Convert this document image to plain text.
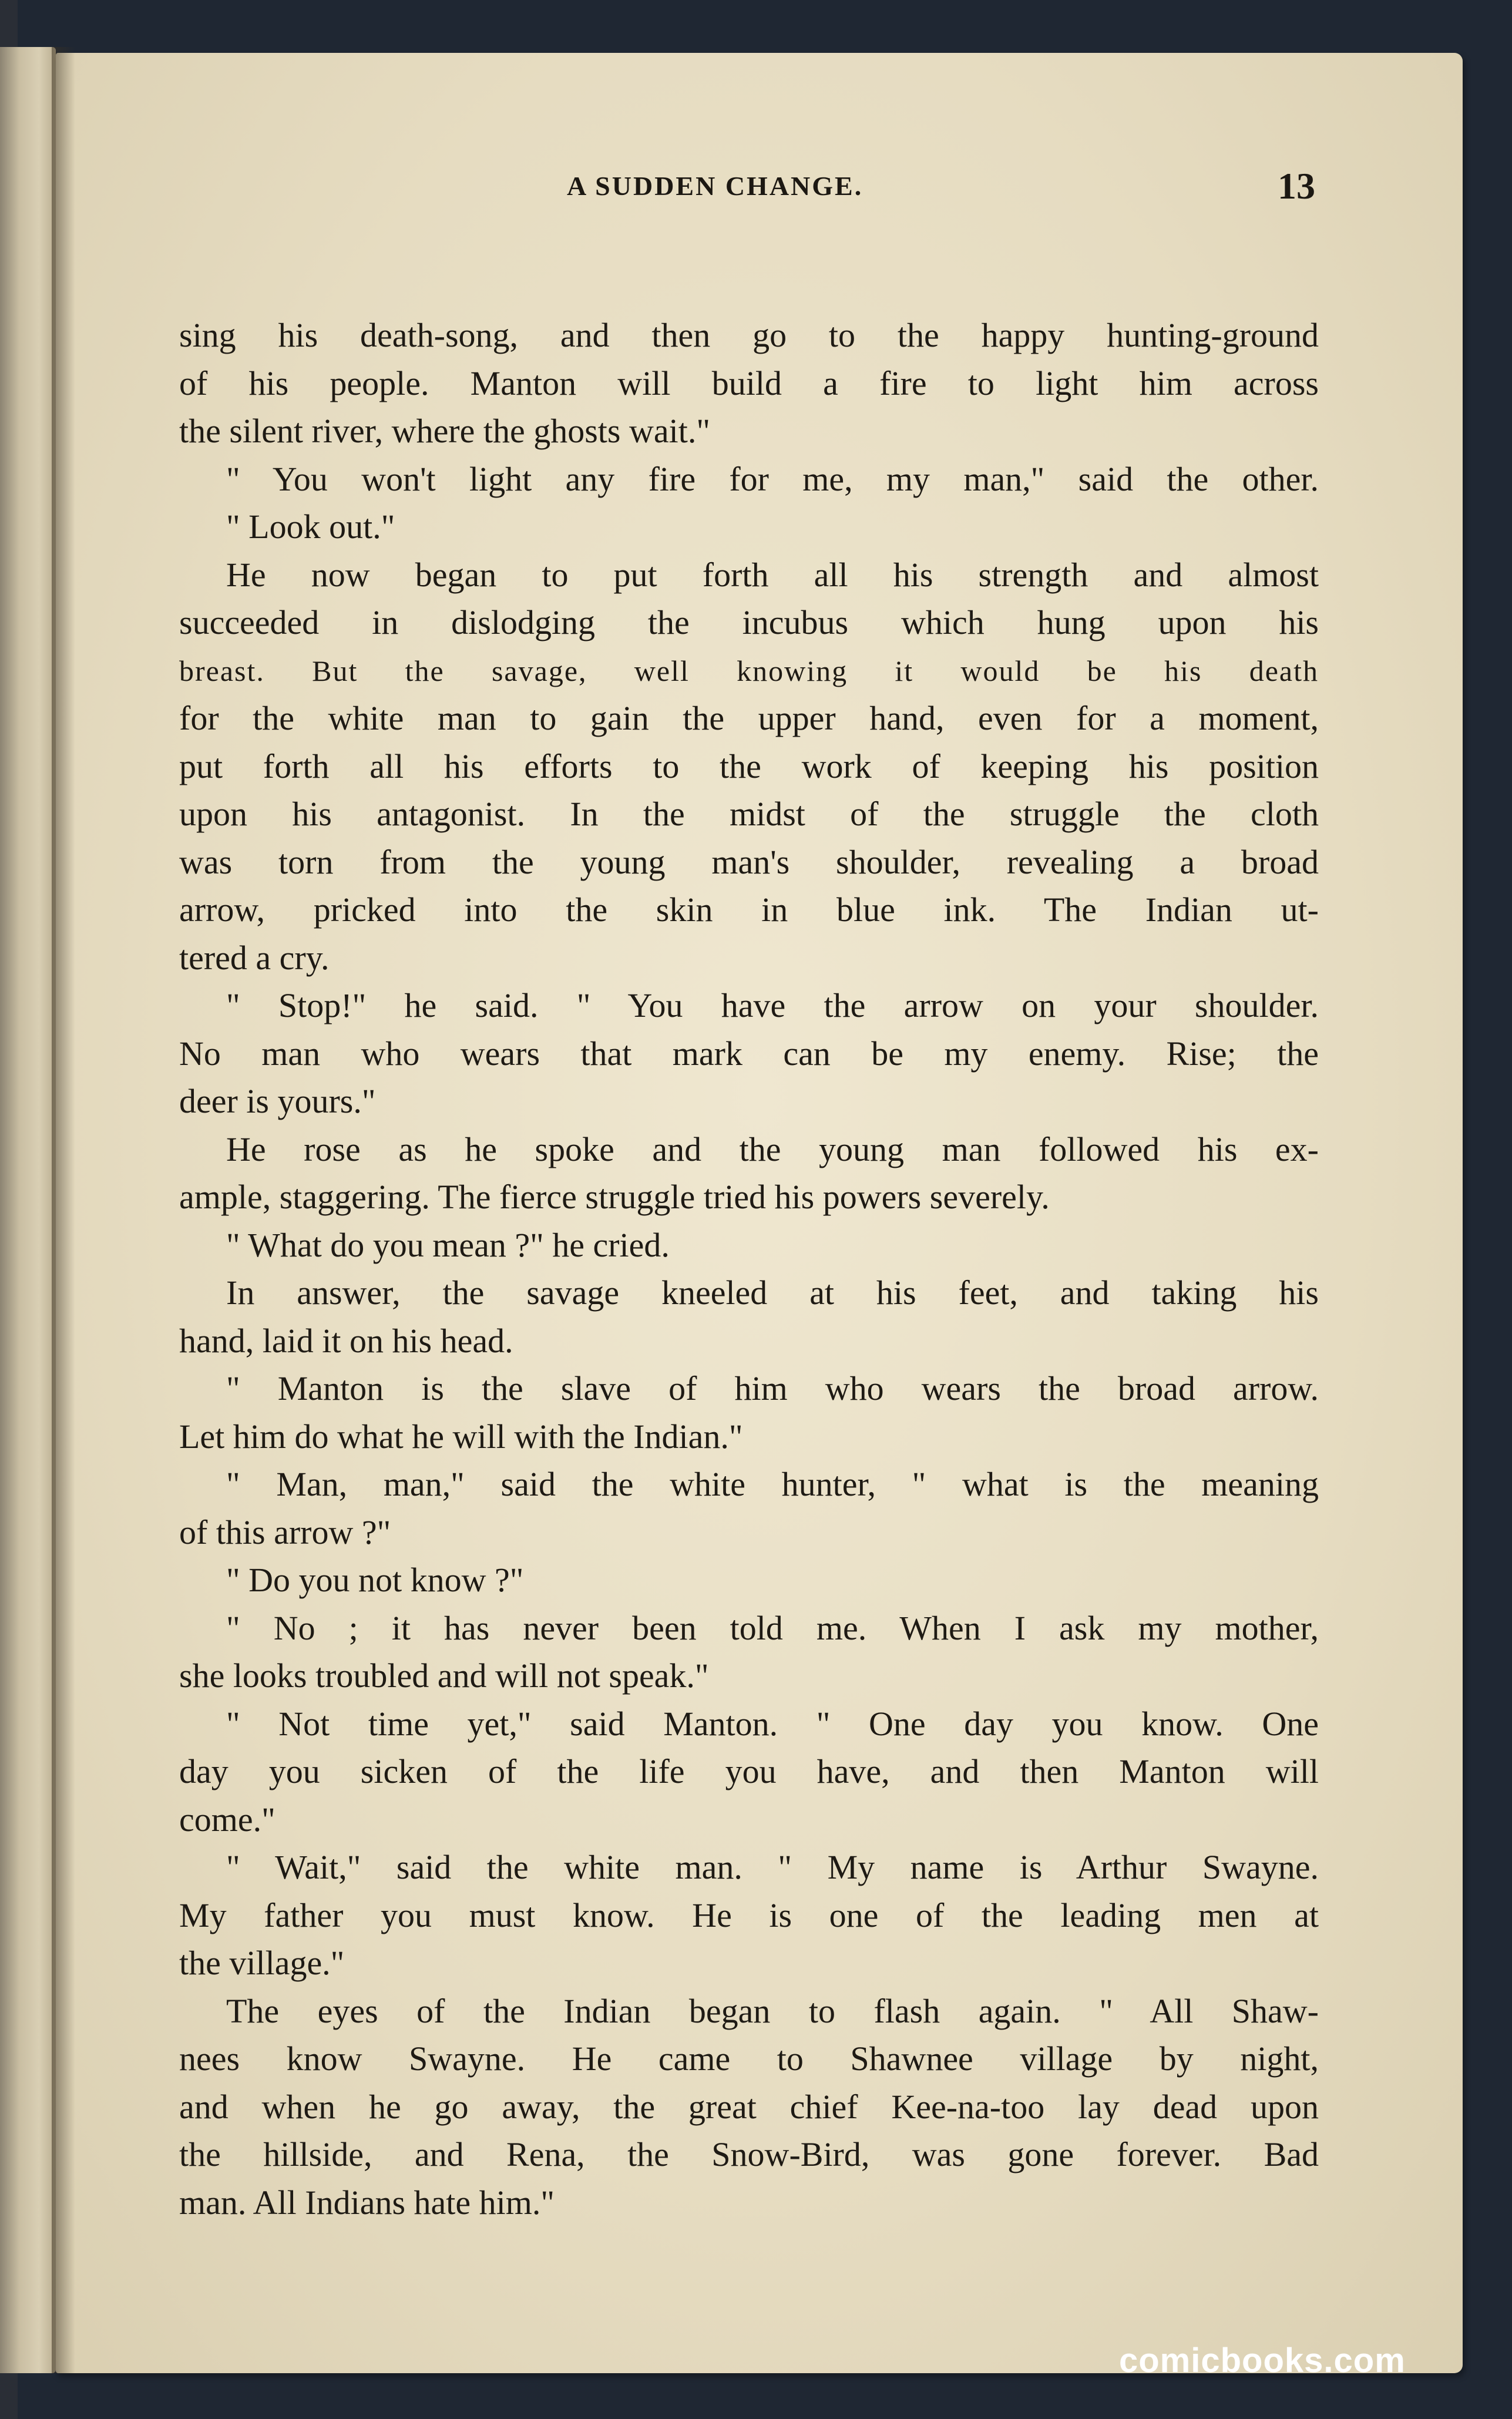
A SUDDEN CHANGE.	13
sing his death-song, and then go to the happy hunting-ground
of his people. Manton will build a fire to light him across
the silent river, where the ghosts wait."
" You won't light any fire for me, my man," said the other.
" Look out."
He now began to put forth all his strength and almost
succeeded in dislodging the incubus which hung upon his
breast. But the savage, well knowing it would be his death
for the white man to gain the upper hand, even for a moment,
put forth all his efforts to the work of keeping his position
upon his antagonist. In the midst of the struggle the cloth
was torn from the young man's shoulder, revealing a broad
arrow, pricked into the skin in blue ink. The Indian ut-
tered a cry.
" Stop!" he said. " You have the arrow on your shoulder.
No man who wears that mark can be my enemy. Rise; the
deer is yours."
He rose as he spoke and the young man followed his ex-
ample, staggering. The fierce struggle tried his powers severely.
" What do you mean ?" he cried.
In answer, the savage kneeled at his feet, and taking his
hand, laid it on his head.
" Manton is the slave of him who wears the broad arrow.
Let him do what he will with the Indian."
" Man, man," said the white hunter, " what is the meaning
of this arrow ?"
" Do you not know ?"
" No ; it has never been told me. When I ask my mother,
she looks troubled and will not speak."
" Not time yet," said Manton. " One day you know. One
day you sicken of the life you have, and then Manton will
come."
" Wait," said the white man. " My name is Arthur Swayne.
My father you must know. He is one of the leading men at
the village."
The eyes of the Indian began to flash again. " All Shaw-
nees know Swayne. He came to Shawnee village by night,
and when he go away, the great chief Kee-na-too lay dead upon
the hillside, and Rena, the Snow-Bird, was gone forever. Bad
man. All Indians hate him."
comicbooks.com
